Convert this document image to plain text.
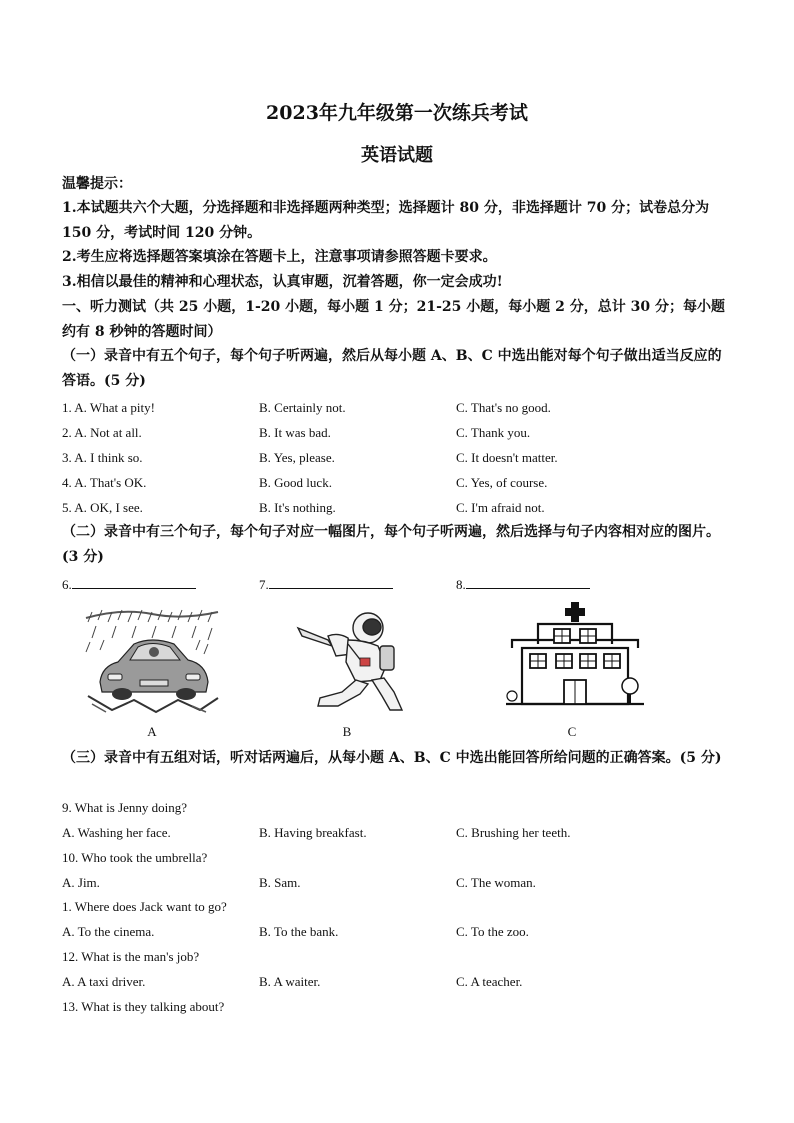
2023年九年级第一次练兵考试
英语试题

温馨提示：

1.本试题共六个大题，分选择题和非选择题两种类型；选择题计 80 分，非选择题计 70 分；试卷总分为 150 分，考试时间 120 分钟。

2.考生应将选择题答案填涂在答题卡上，注意事项请参照答题卡要求。

3.相信以最佳的精神和心理状态，认真审题，沉着答题，你一定会成功!

一、听力测试（共 25 小题，1-20 小题，每小题 1 分；21-25 小题，每小题 2 分，总计 30 分；每小题约有 8 秒钟的答题时间）

（一）录音中有五个句子，每个句子听两遍，然后从每小题 A、B、C 中选出能对每个句子做出适当反应的答语。(5 分)

1. A. What a pity!	B. Certainly not.	C. That's no good.
2. A. Not at all.	B. It was bad.	C. Thank you.
3. A. I think so.	B. Yes, please.	C. It doesn't matter.
4. A. That's OK.	B. Good luck.	C. Yes, of course.
5. A. OK, I see.	B. It's nothing.	C. I'm afraid not.

（二）录音中有三个句子，每个句子对应一幅图片，每个句子听两遍，然后选择与句子内容相对应的图片。(3 分)

6.	7.	8.
A	B	C

（三）录音中有五组对话，听对话两遍后，从每小题 A、B、C 中选出能回答所给问题的正确答案。(5 分)

9. What is Jenny doing?
A. Washing her face.	B. Having breakfast.	C. Brushing her teeth.
10. Who took the umbrella?
A. Jim.	B. Sam.	C. The woman.
1. Where does Jack want to go?
A. To the cinema.	B. To the bank.	C. To the zoo.
12. What is the man's job?
A. A taxi driver.	B. A waiter.	C. A teacher.
13. What is they talking about?
